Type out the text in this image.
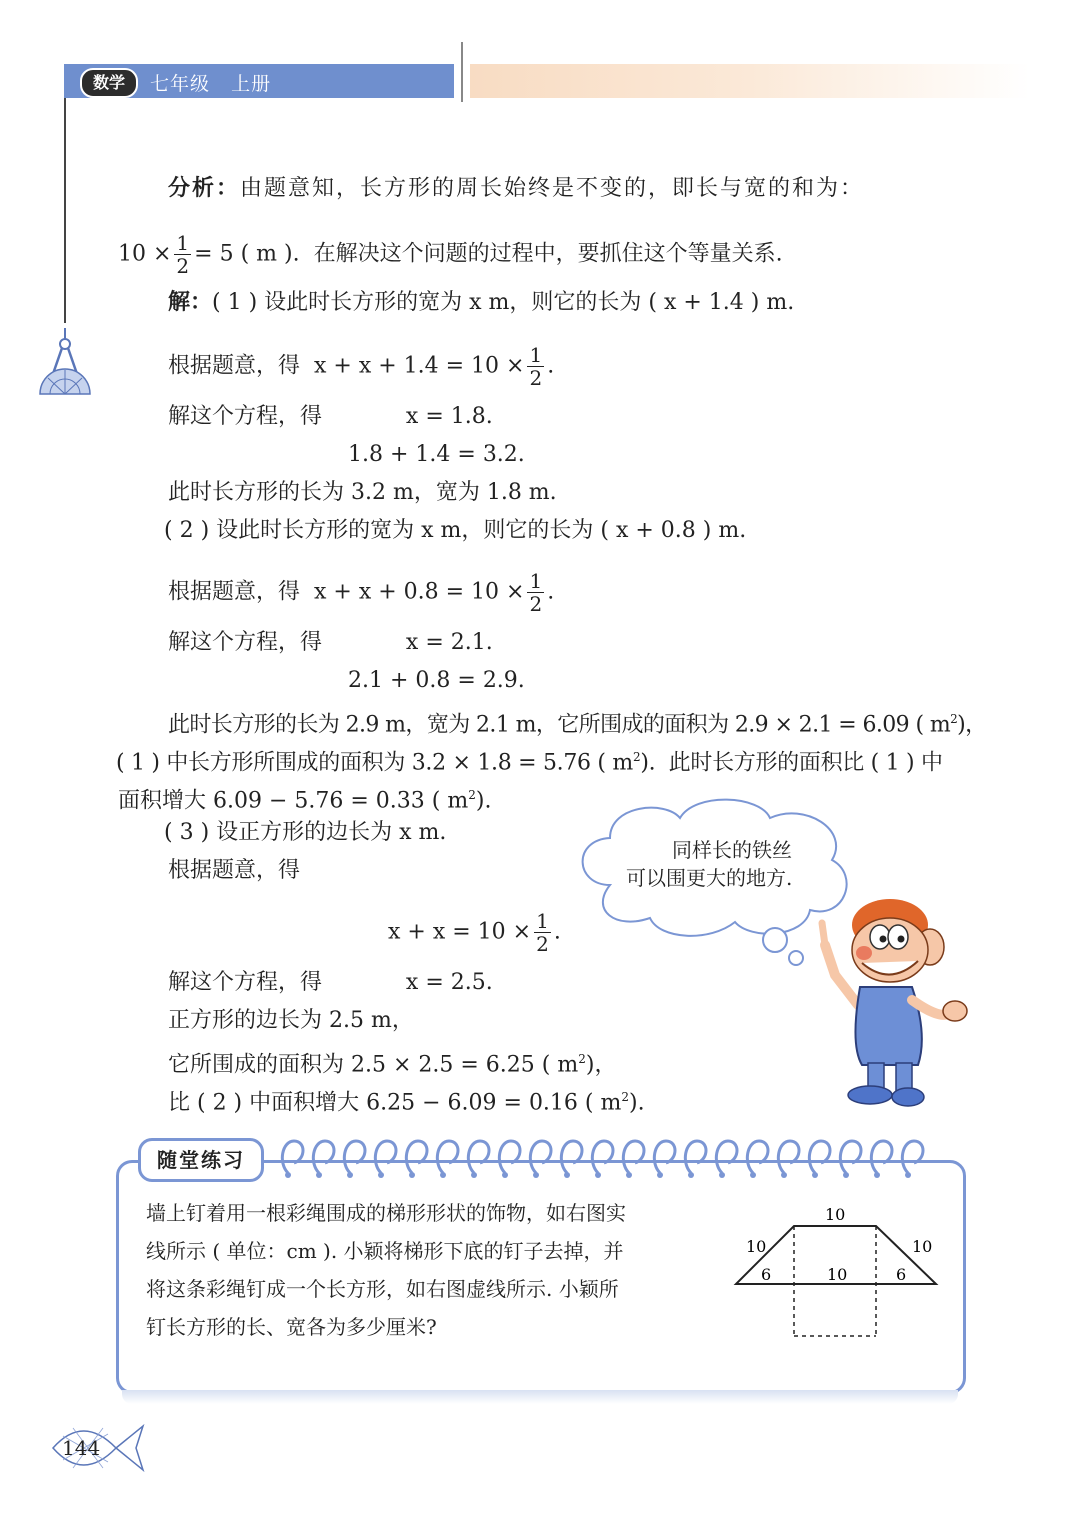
数学	七年级 上册
分析：由题意知，长方形的周长始终是不变的，即长与宽的和为：
$10 \times \frac{1}{2} = 5$ ( m ).  在解决这个问题的过程中，要抓住这个等量关系.
解：( 1 ) 设此时长方形的宽为 x m，则它的长为 ( x + 1.4 ) m.
根据题意，得  $x + x + 1.4 = 10 \times \frac{1}{2}$ .
解这个方程，得            x = 1.8.
1.8 + 1.4 = 3.2.
此时长方形的长为 3.2 m，宽为 1.8 m.
( 2 ) 设此时长方形的宽为 x m，则它的长为 ( x + 0.8 ) m.
根据题意，得  $x + x + 0.8 = 10 \times \frac{1}{2}$ .
解这个方程，得            x = 2.1.
2.1 + 0.8 = 2.9.
此时长方形的长为 2.9 m，宽为 2.1 m，它所围成的面积为 2.9 × 2.1 = 6.09 ( $m^2$)，
( 1 ) 中长方形所围成的面积为 3.2 × 1.8 = 5.76 ( $m^2$).  此时长方形的面积比 ( 1 ) 中
面积增大 6.09 − 5.76 = 0.33 ( $m^2$).
( 3 ) 设正方形的边长为 x m.
根据题意，得
$x + x = 10 \times \frac{1}{2}$ .
解这个方程，得            x = 2.5.
正方形的边长为 2.5 m，
它所围成的面积为 2.5 × 2.5 = 6.25 ( $m^2$)，
比 ( 2 ) 中面积增大 6.25 − 6.09 = 0.16 ( $m^2$).
同样长的铁丝
可以围更大的地方.
随堂练习
墙上钉着用一根彩绳围成的梯形形状的饰物，如右图实
线所示 ( 单位：cm ). 小颖将梯形下底的钉子去掉，并
将这条彩绳钉成一个长方形，如右图虚线所示. 小颖所
钉长方形的长、宽各为多少厘米?
10
10	10
6	10	6
144
